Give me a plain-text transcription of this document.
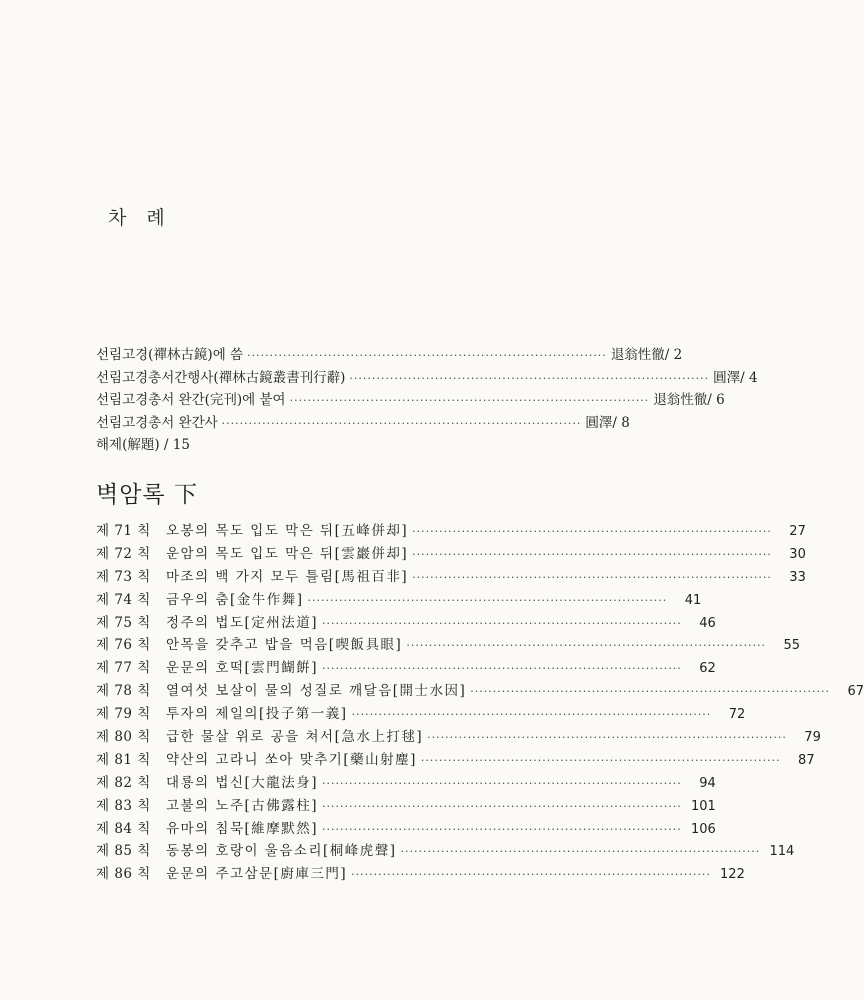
차 례
선림고경(禪林古鏡)에 씀 ················································································ 退翁性徹/ 2
선림고경총서간행사(禪林古鏡叢書刊行辭) ················································································ 圓澤/ 4
선림고경총서 완간(完刊)에 붙여 ················································································ 退翁性徹/ 6
선림고경총서 완간사 ················································································ 圓澤/ 8
해제(解題) / 15
벽암록 下
제 71 칙	오봉의 목도 입도 막은 뒤[五峰併却] ················································································	27
제 72 칙	운암의 목도 입도 막은 뒤[雲巖併却] ················································································	30
제 73 칙	마조의 백 가지 모두 틀림[馬祖百非] ················································································	33
제 74 칙	금우의 춤[金牛作舞] ················································································	41
제 75 칙	정주의 법도[定州法道] ················································································	46
제 76 칙	안목을 갖추고 밥을 먹음[喫飯具眼] ················································································	55
제 77 칙	운문의 호떡[雲門餬餠] ················································································	62
제 78 칙	열여섯 보살이 물의 성질로 깨달음[開士水因] ················································································	67
제 79 칙	투자의 제일의[投子第一義] ················································································	72
제 80 칙	급한 물살 위로 공을 쳐서[急水上打毬] ················································································	79
제 81 칙	약산의 고라니 쏘아 맞추기[藥山射麈] ················································································	87
제 82 칙	대룡의 법신[大龍法身] ················································································	94
제 83 칙	고불의 노주[古佛露柱] ················································································ 101
제 84 칙	유마의 침묵[維摩默然] ················································································ 106
제 85 칙	동봉의 호랑이 울음소리[桐峰虎聲] ················································································ 114
제 86 칙	운문의 주고삼문[廚庫三門] ················································································ 122
